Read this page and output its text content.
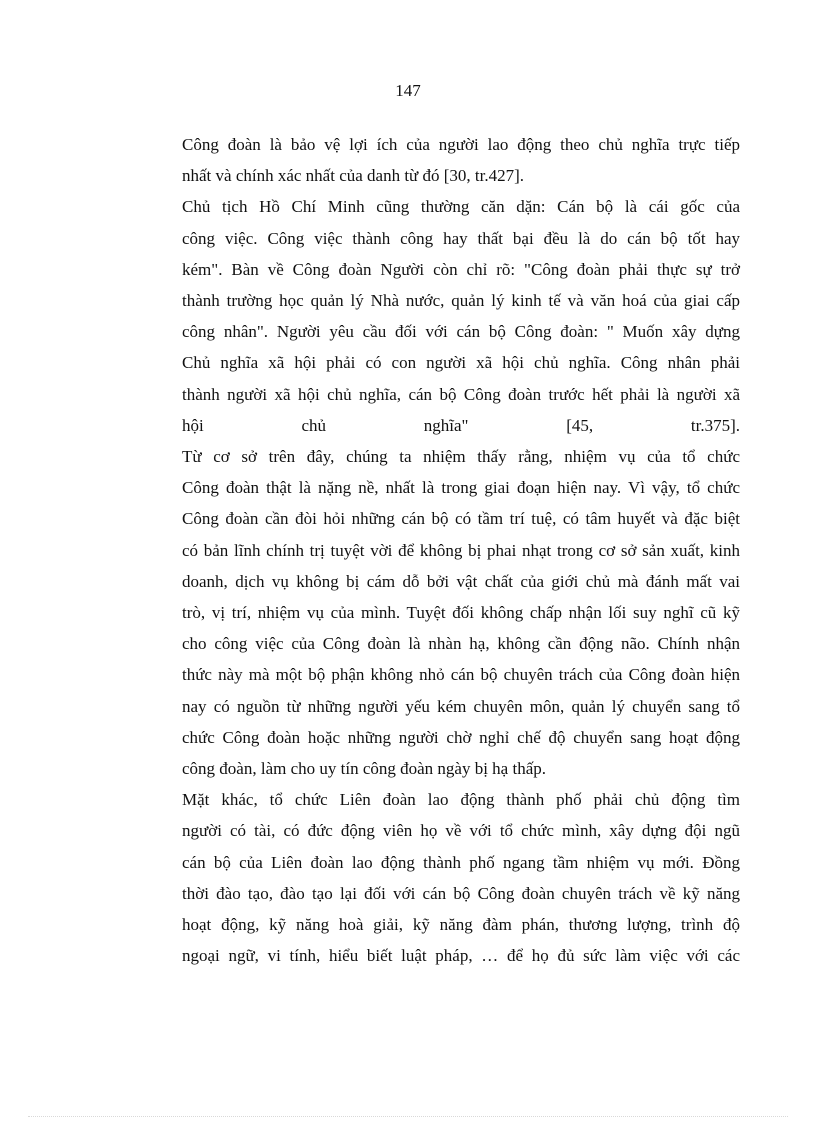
147

Công đoàn là bảo vệ lợi ích của người lao động theo chủ nghĩa trực tiếp
nhất và chính xác nhất của danh từ đó [30, tr.427].

Chủ tịch Hồ Chí Minh cũng thường căn dặn: Cán bộ là cái gốc của
công việc. Công việc thành công hay thất bại đều là do cán bộ tốt hay
kém". Bàn về Công đoàn Người còn chỉ rõ: "Công đoàn phải thực sự trở
thành trường học quản lý Nhà nước, quản lý kinh tế và văn hoá của giai cấp
công nhân". Người yêu cầu đối với cán bộ Công đoàn: " Muốn xây dựng
Chủ nghĩa xã hội phải có con người xã hội chủ nghĩa. Công nhân phải
thành người xã hội chủ nghĩa, cán bộ Công đoàn trước hết phải là người xã
hội chủ nghĩa" [45, tr.375].

Từ cơ sở trên đây, chúng ta nhiệm thấy rằng, nhiệm vụ của tổ chức
Công đoàn thật là nặng nề, nhất là trong giai đoạn hiện nay. Vì vậy, tổ chức
Công đoàn cần đòi hỏi những cán bộ có tầm trí tuệ, có tâm huyết và đặc biệt
có bản lĩnh chính trị tuyệt vời để không bị phai nhạt trong cơ sở sản xuất, kinh
doanh, dịch vụ không bị cám dỗ bởi vật chất của giới chủ mà đánh mất vai
trò, vị trí, nhiệm vụ của mình. Tuyệt đối không chấp nhận lối suy nghĩ cũ kỹ
cho công việc của Công đoàn là nhàn hạ, không cần động não. Chính nhận
thức này mà một bộ phận không nhỏ cán bộ chuyên trách của Công đoàn hiện
nay có nguồn từ những người yếu kém chuyên môn, quản lý chuyển sang tổ
chức Công đoàn hoặc những người chờ nghỉ chế độ chuyển sang hoạt động
công đoàn, làm cho uy tín công đoàn ngày bị hạ thấp.

Mặt khác, tổ chức Liên đoàn lao động thành phố phải chủ động tìm
người có tài, có đức động viên họ về với tổ chức mình, xây dựng đội ngũ
cán bộ của Liên đoàn lao động thành phố ngang tầm nhiệm vụ mới. Đồng
thời đào tạo, đào tạo lại đối với cán bộ Công đoàn chuyên trách về kỹ năng
hoạt động, kỹ năng hoà giải, kỹ năng đàm phán, thương lượng, trình độ
ngoại ngữ, vi tính, hiểu biết luật pháp, … để họ đủ sức làm việc với các
